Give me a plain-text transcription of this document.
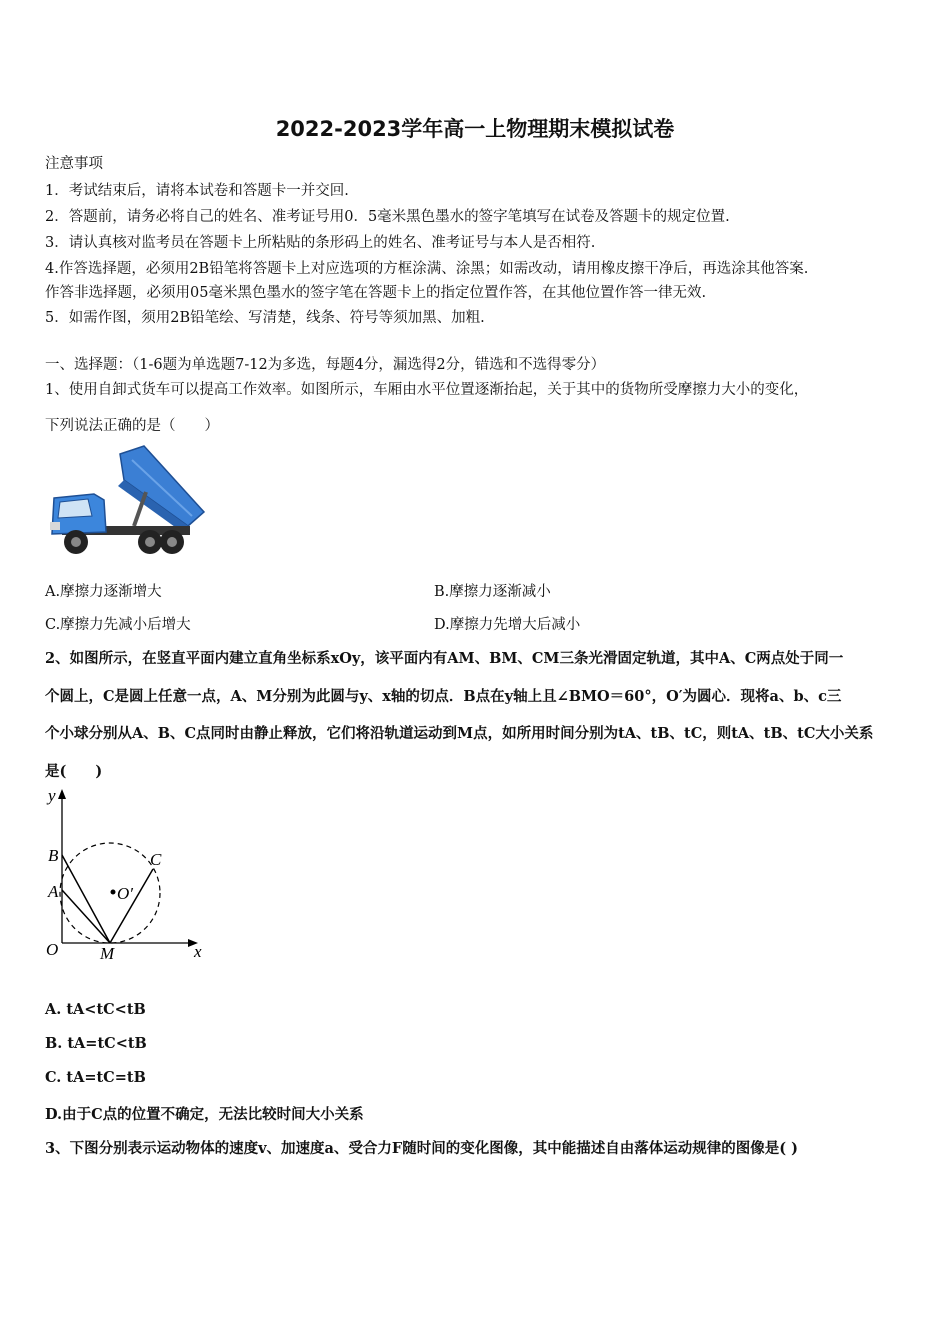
2022-2023学年高一上物理期末模拟试卷
注意事项
1．考试结束后，请将本试卷和答题卡一并交回.
2．答题前，请务必将自己的姓名、准考证号用0．5毫米黑色墨水的签字笔填写在试卷及答题卡的规定位置.
3．请认真核对监考员在答题卡上所粘贴的条形码上的姓名、准考证号与本人是否相符.
4.作答选择题，必须用2B铅笔将答题卡上对应选项的方框涂满、涂黑；如需改动，请用橡皮擦干净后，再选涂其他答案.
作答非选择题，必须用05毫米黑色墨水的签字笔在答题卡上的指定位置作答，在其他位置作答一律无效.
5．如需作图，须用2B铅笔绘、写清楚，线条、符号等须加黑、加粗.
一、选择题：（1-6题为单选题7-12为多选，每题4分，漏选得2分，错选和不选得零分）
1、使用自卸式货车可以提高工作效率。如图所示，车厢由水平位置逐渐抬起，关于其中的货物所受摩擦力大小的变化，
下列说法正确的是（　　）
A.摩擦力逐渐增大	B.摩擦力逐渐减小
C.摩擦力先减小后增大	D.摩擦力先增大后减小
2、如图所示，在竖直平面内建立直角坐标系xOy，该平面内有AM、BM、CM三条光滑固定轨道，其中A、C两点处于同一
个圆上，C是圆上任意一点，A、M分别为此圆与y、x轴的切点．B点在y轴上且∠BMO＝60°，O′为圆心．现将a、b、c三
个小球分别从A、B、C点同时由静止释放，它们将沿轨道运动到M点，如所用时间分别为tA、tB、tC，则tA、tB、tC大小关系
是(　　)
y
x
B
A
O M
C
O′
A. tA<tC<tB
B. tA=tC<tB
C. tA=tC=tB
D.由于C点的位置不确定，无法比较时间大小关系
3、下图分别表示运动物体的速度v、加速度a、受合力F随时间的变化图像，其中能描述自由落体运动规律的图像是( )
